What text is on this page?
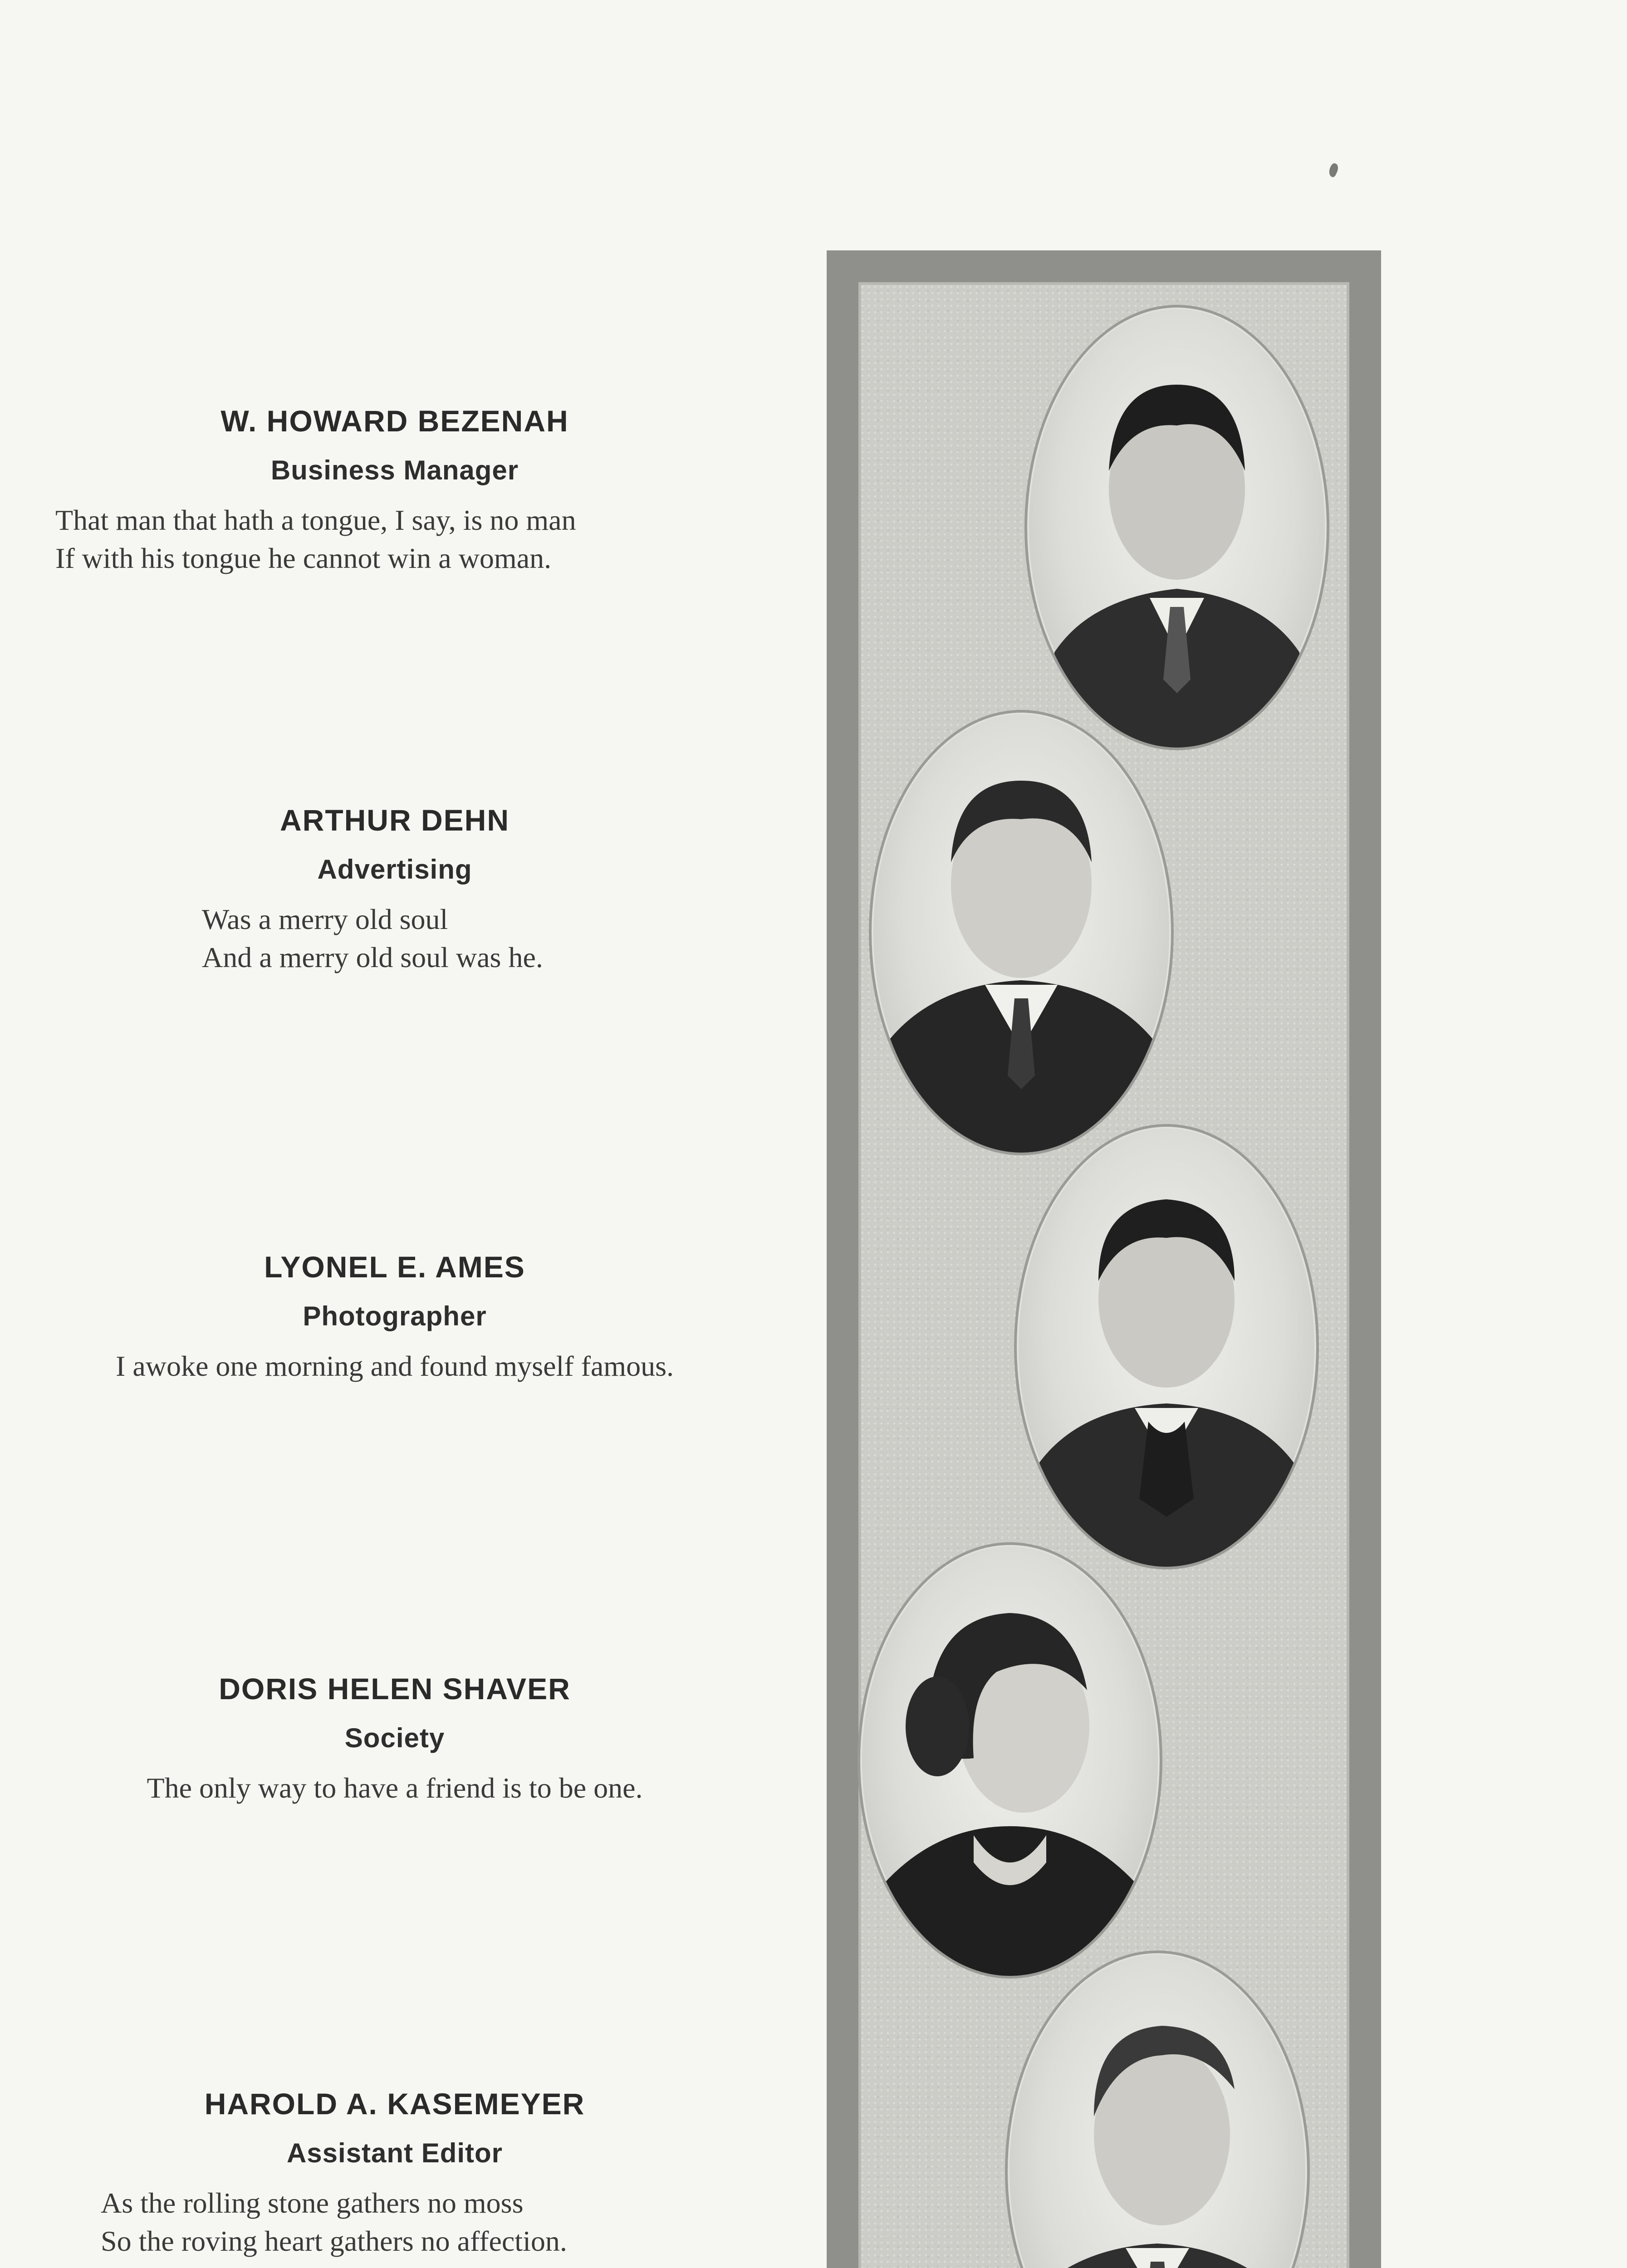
W. HOWARD BEZENAH
Business Manager
That man that hath a tongue, I say, is no man
If with his tongue he cannot win a woman.
ARTHUR DEHN
Advertising
Was a merry old soul
And a merry old soul was he.
LYONEL E. AMES
Photographer
I awoke one morning and found myself famous.
DORIS HELEN SHAVER
Society
The only way to have a friend is to be one.
HAROLD A. KASEMEYER
Assistant Editor
As the rolling stone gathers no moss
So the roving heart gathers no affection.
